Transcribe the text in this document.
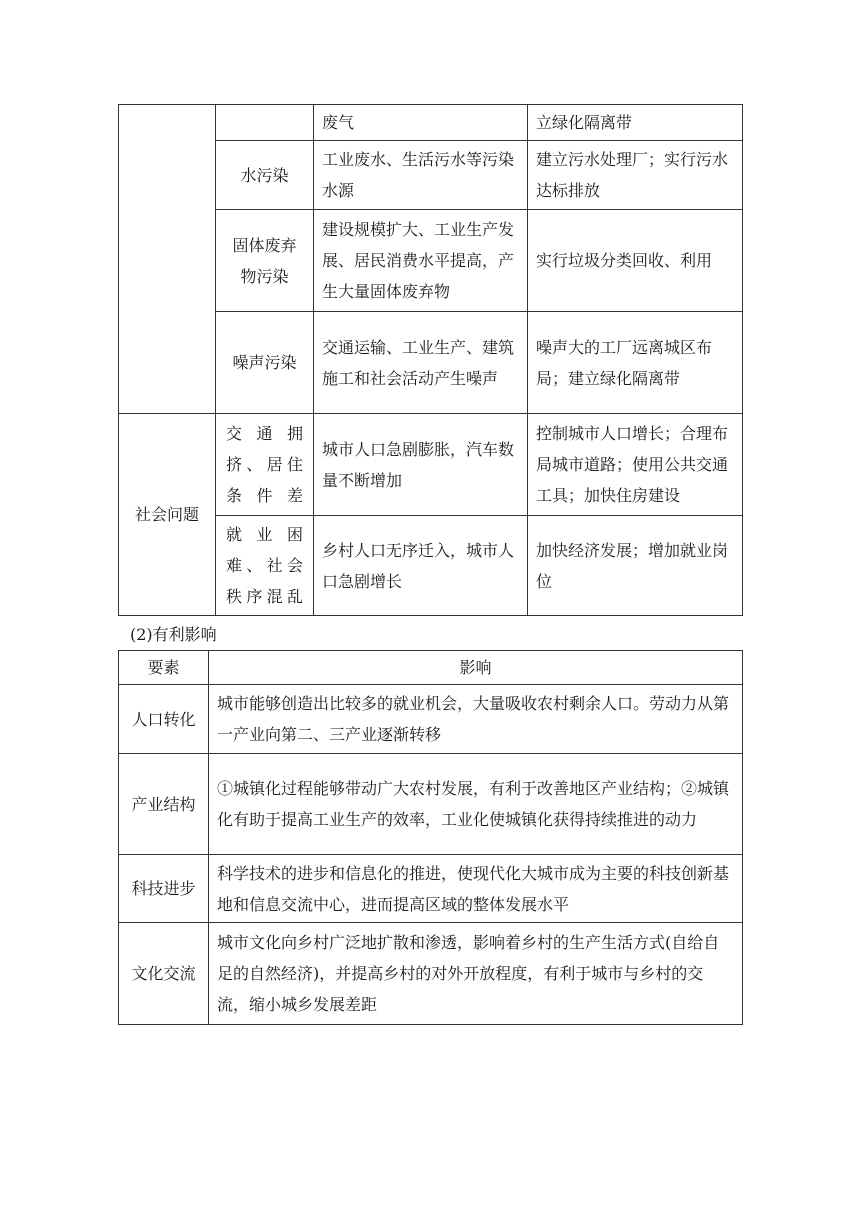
		废气	立绿化隔离带
	水污染	工业废水、生活污水等污染水源	建立污水处理厂；实行污水达标排放
	固体废弃物污染	建设规模扩大、工业生产发展、居民消费水平提高，产生大量固体废弃物	实行垃圾分类回收、利用
	噪声污染	交通运输、工业生产、建筑施工和社会活动产生噪声	噪声大的工厂远离城区布局；建立绿化隔离带
社会问题	交通拥挤、居住条件差	城市人口急剧膨胀，汽车数量不断增加	控制城市人口增长；合理布局城市道路；使用公共交通工具；加快住房建设

	就业困难、社会秩序混乱	乡村人口无序迁入，城市人口急剧增长	加快经济发展；增加就业岗位
(2)有利影响
要素	影响
人口转化	城市能够创造出比较多的就业机会，大量吸收农村剩余人口。劳动力从第一产业向第二、三产业逐渐转移
产业结构	①城镇化过程能够带动广大农村发展，有利于改善地区产业结构；②城镇化有助于提高工业生产的效率，工业化使城镇化获得持续推进的动力
科技进步	科学技术的进步和信息化的推进，使现代化大城市成为主要的科技创新基地和信息交流中心，进而提高区域的整体发展水平
文化交流	城市文化向乡村广泛地扩散和渗透，影响着乡村的生产生活方式(自给自足的自然经济)，并提高乡村的对外开放程度，有利于城市与乡村的交流，缩小城乡发展差距
